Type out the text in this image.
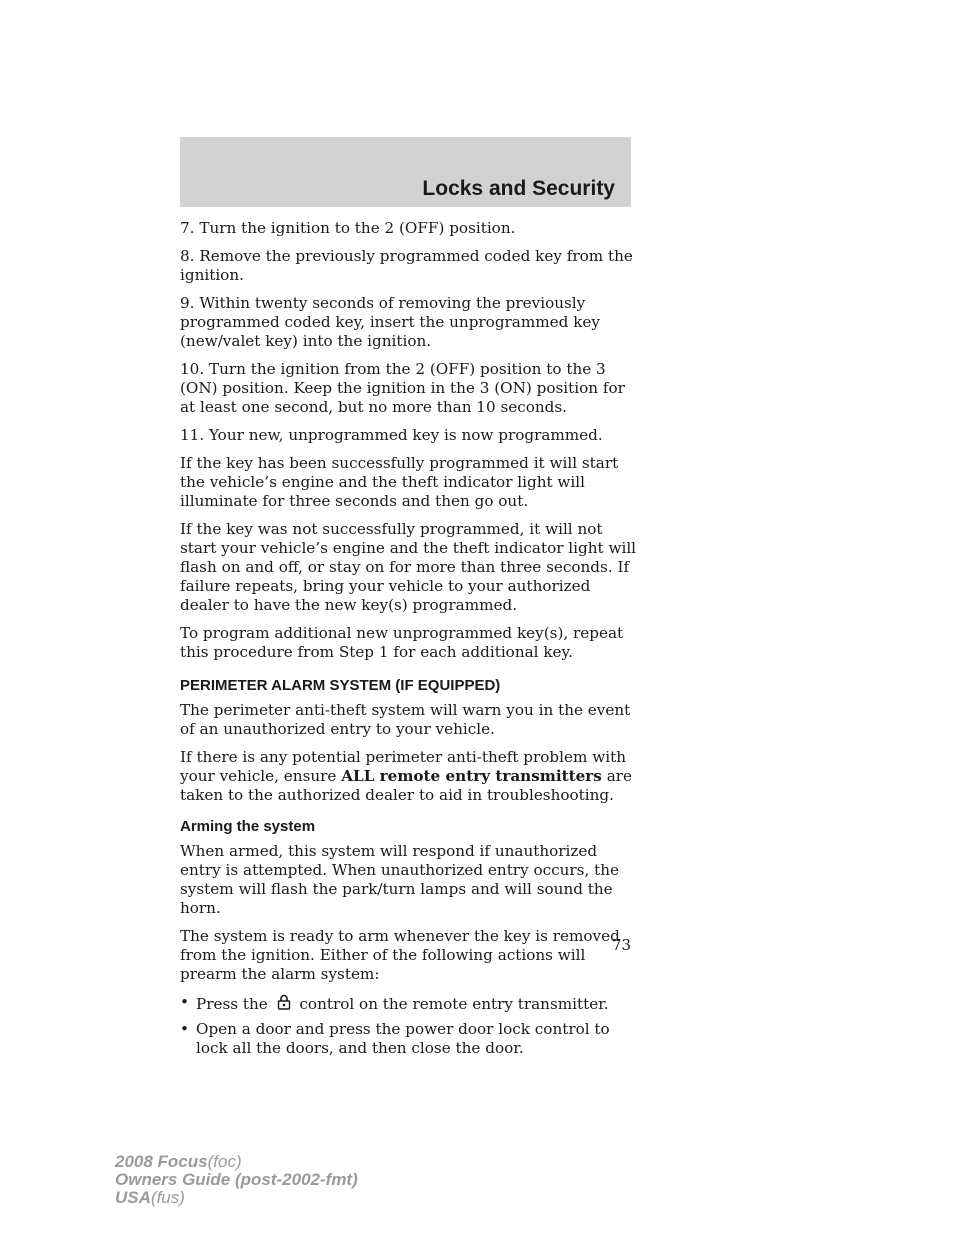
Locks and Security

7. Turn the ignition to the 2 (OFF) position.

8. Remove the previously programmed coded key from the ignition.

9. Within twenty seconds of removing the previously programmed coded key, insert the unprogrammed key (new/valet key) into the ignition.

10. Turn the ignition from the 2 (OFF) position to the 3 (ON) position. Keep the ignition in the 3 (ON) position for at least one second, but no more than 10 seconds.

11. Your new, unprogrammed key is now programmed.

If the key has been successfully programmed it will start the vehicle’s engine and the theft indicator light will illuminate for three seconds and then go out.

If the key was not successfully programmed, it will not start your vehicle’s engine and the theft indicator light will flash on and off, or stay on for more than three seconds. If failure repeats, bring your vehicle to your authorized dealer to have the new key(s) programmed.

To program additional new unprogrammed key(s), repeat this procedure from Step 1 for each additional key.

PERIMETER ALARM SYSTEM (IF EQUIPPED)

The perimeter anti-theft system will warn you in the event of an unauthorized entry to your vehicle.

If there is any potential perimeter anti-theft problem with your vehicle, ensure ALL remote entry transmitters are taken to the authorized dealer to aid in troubleshooting.

Arming the system

When armed, this system will respond if unauthorized entry is attempted. When unauthorized entry occurs, the system will flash the park/turn lamps and will sound the horn.

The system is ready to arm whenever the key is removed from the ignition. Either of the following actions will prearm the alarm system:

• Press the  control on the remote entry transmitter.
• Open a door and press the power door lock control to lock all the doors, and then close the door.
73
2008 Focus(foc)
Owners Guide (post-2002-fmt)
USA(fus)
